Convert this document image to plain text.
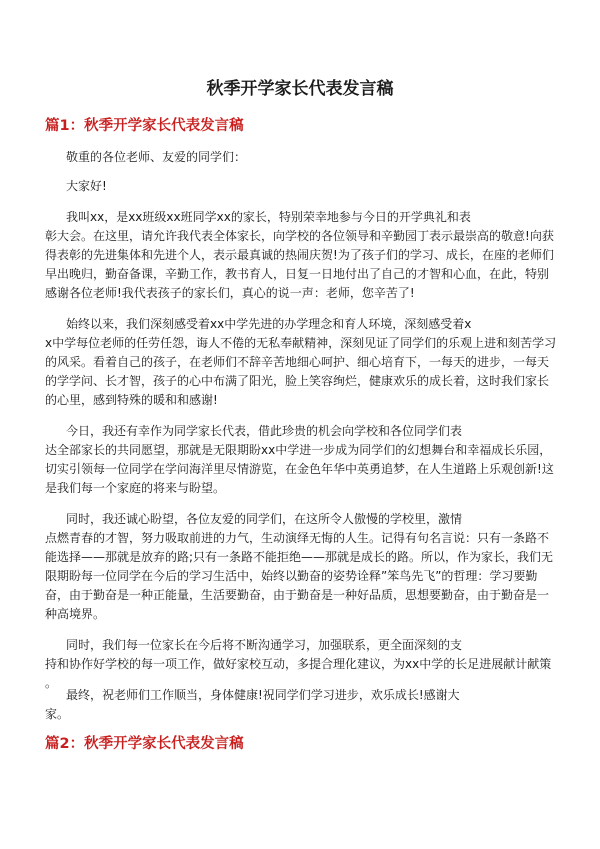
秋季开学家长代表发言稿
篇1：秋季开学家长代表发言稿

敬重的各位老师、友爱的同学们：

大家好!

我叫xx，是xx班级xx班同学xx的家长，特别荣幸地参与今日的开学典礼和表

彰大会。在这里，请允许我代表全体家长，向学校的各位领导和辛勤园丁表示最崇高的敬意!向获

得表彰的先进集体和先进个人，表示最真诚的热闹庆贺!为了孩子们的学习、成长，在座的老师们

早出晚归，勤奋备课，辛勤工作，教书育人，日复一日地付出了自己的才智和心血，在此，特别

感谢各位老师!我代表孩子的家长们，真心的说一声：老师，您辛苦了!

始终以来，我们深刻感受着xx中学先进的办学理念和育人环境，深刻感受着x

x中学每位老师的任劳任怨，诲人不倦的无私奉献精神，深刻见证了同学们的乐观上进和刻苦学习

的风采。看着自己的孩子，在老师们不辞辛苦地细心呵护、细心培育下，一每天的进步，一每天

的学学问、长才智，孩子的心中布满了阳光，脸上笑容绚烂，健康欢乐的成长着，这时我们家长

的心里，感到特殊的暖和和感谢!

今日，我还有幸作为同学家长代表，借此珍贵的机会向学校和各位同学们表

达全部家长的共同愿望，那就是无限期盼xx中学进一步成为同学们的幻想舞台和幸福成长乐园，

切实引领每一位同学在学问海洋里尽情游览，在金色年华中英勇追梦，在人生道路上乐观创新!这

是我们每一个家庭的将来与盼望。

同时，我还诚心盼望，各位友爱的同学们，在这所令人傲慢的学校里，激情

点燃青春的才智，努力吸取前进的力气，生动演绎无悔的人生。记得有句名言说：只有一条路不

能选择——那就是放弃的路;只有一条路不能拒绝——那就是成长的路。所以，作为家长，我们无

限期盼每一位同学在今后的学习生活中，始终以勤奋的姿势诠释”笨鸟先飞”的哲理：学习要勤

奋，由于勤奋是一种正能量，生活要勤奋，由于勤奋是一种好品质，思想要勤奋，由于勤奋是一

种高境界。

同时，我们每一位家长在今后将不断沟通学习，加强联系，更全面深刻的支

持和协作好学校的每一项工作，做好家校互动，多提合理化建议，为xx中学的长足进展献计献策

。

最终，祝老师们工作顺当，身体健康!祝同学们学习进步，欢乐成长!感谢大

家。

篇2：秋季开学家长代表发言稿
